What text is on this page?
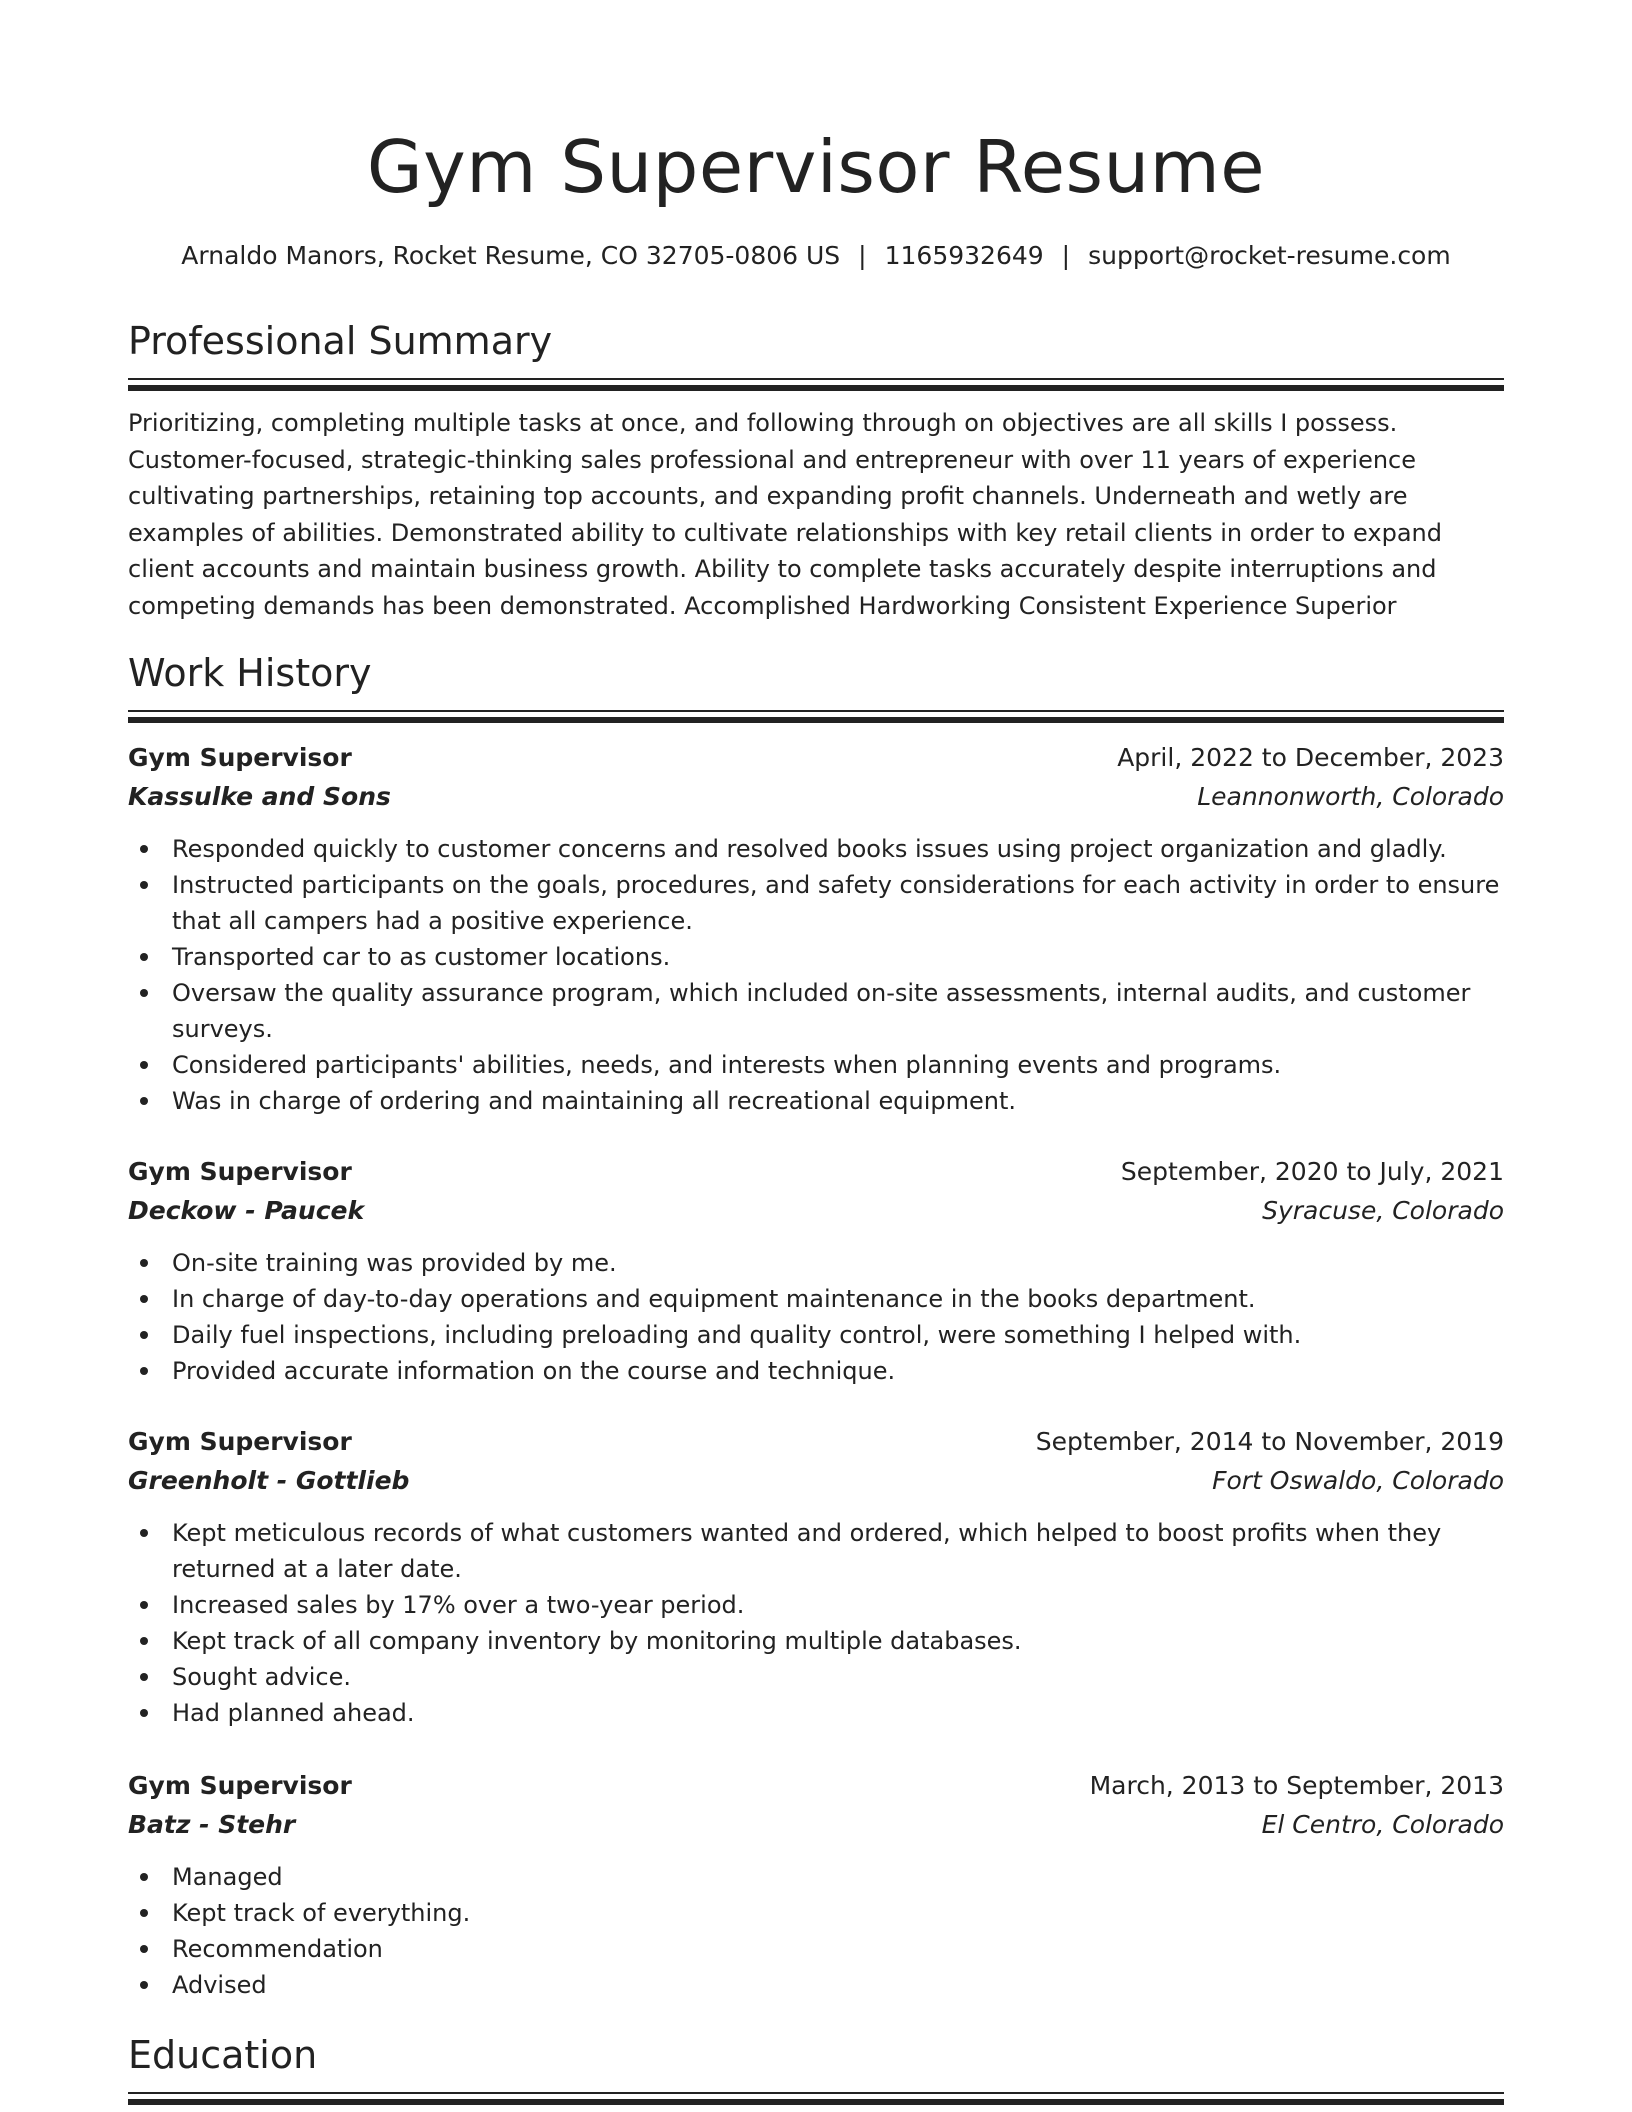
Gym Supervisor Resume
Arnaldo Manors, Rocket Resume, CO 32705-0806 US | 1165932649 | support@rocket-resume.com
Professional Summary

Prioritizing, completing multiple tasks at once, and following through on objectives are all skills I possess. Customer-focused, strategic-thinking sales professional and entrepreneur with over 11 years of experience cultivating partnerships, retaining top accounts, and expanding profit channels. Underneath and wetly are examples of abilities. Demonstrated ability to cultivate relationships with key retail clients in order to expand client accounts and maintain business growth. Ability to complete tasks accurately despite interruptions and competing demands has been demonstrated. Accomplished Hardworking Consistent Experience Superior

Work History
Gym Supervisor	April, 2022 to December, 2023
Kassulke and Sons	Leannonworth, Colorado
Responded quickly to customer concerns and resolved books issues using project organization and gladly.
Instructed participants on the goals, procedures, and safety considerations for each activity in order to ensure that all campers had a positive experience.
Transported car to as customer locations.
Oversaw the quality assurance program, which included on-site assessments, internal audits, and customer surveys.
Considered participants' abilities, needs, and interests when planning events and programs.
Was in charge of ordering and maintaining all recreational equipment.
Gym Supervisor	September, 2020 to July, 2021
Deckow - Paucek	Syracuse, Colorado
On-site training was provided by me.
In charge of day-to-day operations and equipment maintenance in the books department.
Daily fuel inspections, including preloading and quality control, were something I helped with.
Provided accurate information on the course and technique.
Gym Supervisor	September, 2014 to November, 2019
Greenholt - Gottlieb	Fort Oswaldo, Colorado
Kept meticulous records of what customers wanted and ordered, which helped to boost profits when they returned at a later date.
Increased sales by 17% over a two-year period.
Kept track of all company inventory by monitoring multiple databases.
Sought advice.
Had planned ahead.
Gym Supervisor	March, 2013 to September, 2013
Batz - Stehr	El Centro, Colorado
Managed
Kept track of everything.
Recommendation
Advised
Education
